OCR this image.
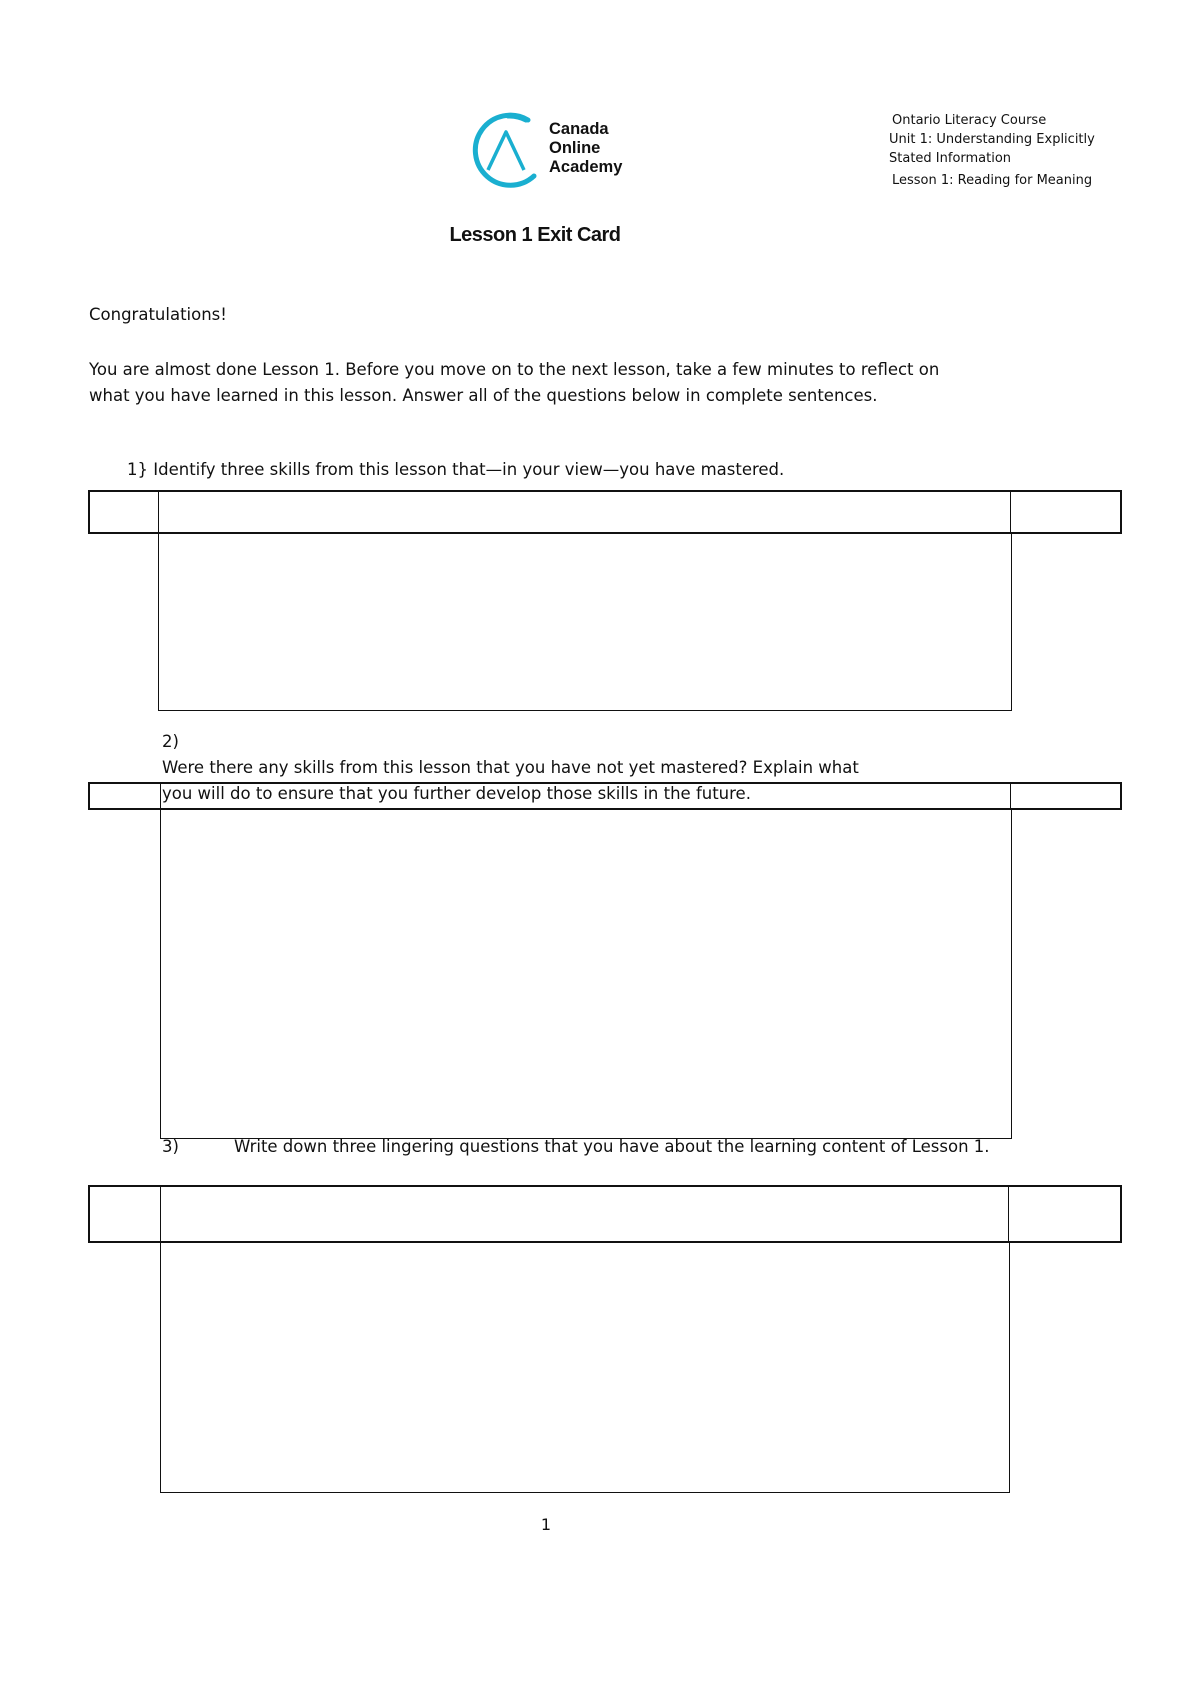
Canada
Online
Academy
Ontario Literacy Course
Unit 1: Understanding Explicitly
Stated Information
Lesson 1: Reading for Meaning
Lesson 1 Exit Card
Congratulations!
You are almost done Lesson 1. Before you move on to the next lesson, take a few minutes to reflect on
what you have learned in this lesson. Answer all of the questions below in complete sentences.
1} Identify three skills from this lesson that—in your view—you have mastered.
2)
Were there any skills from this lesson that you have not yet mastered? Explain what
you will do to ensure that you further develop those skills in the future.
3)	Write down three lingering questions that you have about the learning content of Lesson 1.
1
